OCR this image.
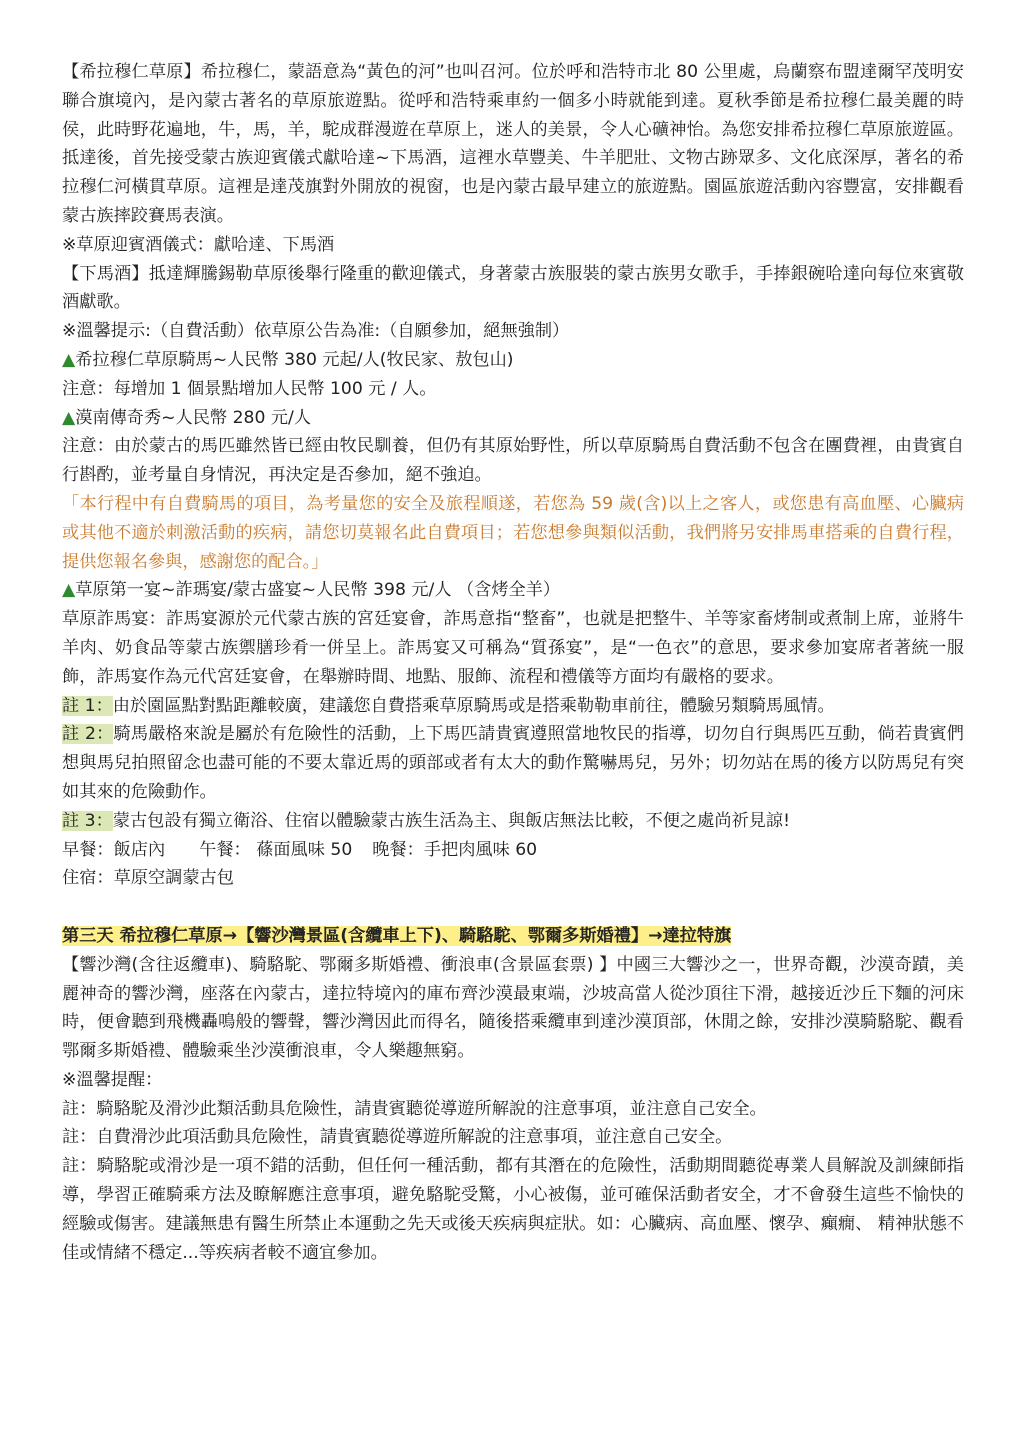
【希拉穆仁草原】希拉穆仁，蒙語意為“黃色的河”也叫召河。位於呼和浩特市北 80 公里處，烏蘭察布盟達爾罕茂明安聯合旗境內，是內蒙古著名的草原旅遊點。從呼和浩特乘車約一個多小時就能到達。夏秋季節是希拉穆仁最美麗的時侯，此時野花遍地，牛，馬，羊，駝成群漫遊在草原上，迷人的美景，令人心礦神怡。為您安排希拉穆仁草原旅遊區。抵達後，首先接受蒙古族迎賓儀式獻哈達~下馬酒，這裡水草豐美、牛羊肥壯、文物古跡眾多、文化底深厚，著名的希拉穆仁河橫貫草原。這裡是達茂旗對外開放的視窗，也是內蒙古最早建立的旅遊點。園區旅遊活動內容豐富，安排觀看蒙古族摔跤賽馬表演。

※草原迎賓酒儀式：獻哈達、下馬酒

【下馬酒】抵達輝騰錫勒草原後舉行隆重的歡迎儀式，身著蒙古族服裝的蒙古族男女歌手，手捧銀碗哈達向每位來賓敬酒獻歌。

※溫馨提示:（自費活動）依草原公告為准:（自願參加，絕無強制）

▲希拉穆仁草原騎馬~人民幣 380 元起/人(牧民家、敖包山)

注意：每增加 1 個景點增加人民幣 100 元 / 人。

▲漠南傳奇秀~人民幣 280 元/人

注意：由於蒙古的馬匹雖然皆已經由牧民馴養，但仍有其原始野性，所以草原騎馬自費活動不包含在團費裡，由貴賓自行斟酌，並考量自身情況，再決定是否參加，絕不強迫。

「本行程中有自費騎馬的項目，為考量您的安全及旅程順遂，若您為 59 歲(含)以上之客人，或您患有高血壓、心臟病或其他不適於刺激活動的疾病，請您切莫報名此自費項目；若您想參與類似活動，我們將另安排馬車搭乘的自費行程，提供您報名參與，感謝您的配合。」

▲草原第一宴~詐瑪宴/蒙古盛宴~人民幣 398 元/人 （含烤全羊）

草原詐馬宴：詐馬宴源於元代蒙古族的宮廷宴會，詐馬意指“整畜”，也就是把整牛、羊等家畜烤制或煮制上席，並將牛羊肉、奶食品等蒙古族禦膳珍肴一併呈上。詐馬宴又可稱為“質孫宴”，是“一色衣”的意思，要求參加宴席者著統一服飾，詐馬宴作為元代宮廷宴會，在舉辦時間、地點、服飾、流程和禮儀等方面均有嚴格的要求。

註 1：由於園區點對點距離較廣，建議您自費搭乘草原騎馬或是搭乘勒勒車前往，體驗另類騎馬風情。

註 2：騎馬嚴格來說是屬於有危險性的活動，上下馬匹請貴賓遵照當地牧民的指導，切勿自行與馬匹互動，倘若貴賓們想與馬兒拍照留念也盡可能的不要太靠近馬的頭部或者有太大的動作驚嚇馬兒，另外；切勿站在馬的後方以防馬兒有突如其來的危險動作。

註 3：蒙古包設有獨立衛浴、住宿以體驗蒙古族生活為主、與飯店無法比較，不便之處尚祈見諒!

早餐：飯店內 午餐： 蓧面風味 50 晚餐：手把肉風味 60

住宿：草原空調蒙古包

第三天 希拉穆仁草原→【響沙灣景區(含纜車上下)、騎駱駝、鄂爾多斯婚禮】→達拉特旗

【響沙灣(含往返纜車)、騎駱駝、鄂爾多斯婚禮、衝浪車(含景區套票) 】中國三大響沙之一，世界奇觀，沙漠奇蹟，美麗神奇的響沙灣，座落在內蒙古，達拉特境內的庫布齊沙漠最東端，沙坡高當人從沙頂往下滑，越接近沙丘下麵的河床時，便會聽到飛機轟鳴般的響聲，響沙灣因此而得名，隨後搭乘纜車到達沙漠頂部，休閒之餘，安排沙漠騎駱駝、觀看鄂爾多斯婚禮、體驗乘坐沙漠衝浪車，令人樂趣無窮。

※溫馨提醒：

註：騎駱駝及滑沙此類活動具危險性，請貴賓聽從導遊所解說的注意事項，並注意自己安全。

註：自費滑沙此項活動具危險性，請貴賓聽從導遊所解說的注意事項，並注意自己安全。

註：騎駱駝或滑沙是一項不錯的活動，但任何一種活動，都有其潛在的危險性，活動期間聽從專業人員解說及訓練師指導，學習正確騎乘方法及瞭解應注意事項，避免駱駝受驚，小心被傷，並可確保活動者安全，才不會發生這些不愉快的經驗或傷害。建議無患有醫生所禁止本運動之先天或後天疾病與症狀。如：心臟病、高血壓、懷孕、癲癇、 精神狀態不佳或情緒不穩定...等疾病者較不適宜參加。
